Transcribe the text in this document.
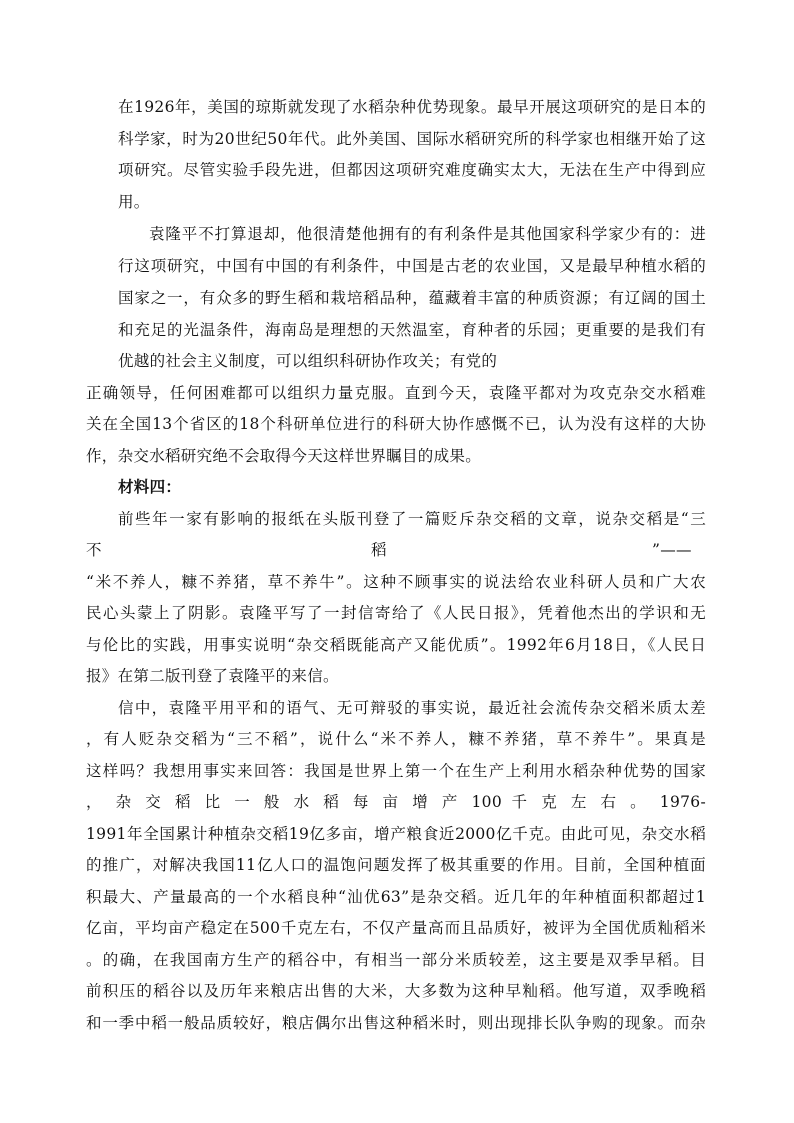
在1926年，美国的琼斯就发现了水稻杂种优势现象。最早开展这项研究的是日本的
科学家，时为20世纪50年代。此外美国、国际水稻研究所的科学家也相继开始了这
项研究。尽管实验手段先进，但都因这项研究难度确实太大，无法在生产中得到应
用。
袁隆平不打算退却，他很清楚他拥有的有利条件是其他国家科学家少有的：进
行这项研究，中国有中国的有利条件，中国是古老的农业国，又是最早种植水稻的
国家之一，有众多的野生稻和栽培稻品种，蕴藏着丰富的种质资源；有辽阔的国土
和充足的光温条件，海南岛是理想的天然温室，育种者的乐园；更重要的是我们有
优越的社会主义制度，可以组织科研协作攻关；有党的
正确领导，任何困难都可以组织力量克服。直到今天，袁隆平都对为攻克杂交水稻难
关在全国13个省区的18个科研单位进行的科研大协作感慨不已，认为没有这样的大协
作，杂交水稻研究绝不会取得今天这样世界瞩目的成果。
材料四：
前些年一家有影响的报纸在头版刊登了一篇贬斥杂交稻的文章，说杂交稻是“三
不	稻	”——
“米不养人，糠不养猪，草不养牛”。这种不顾事实的说法给农业科研人员和广大农
民心头蒙上了阴影。袁隆平写了一封信寄给了《人民日报》，凭着他杰出的学识和无
与伦比的实践，用事实说明“杂交稻既能高产又能优质”。1992年6月18日，《人民日
报》在第二版刊登了袁隆平的来信。
信中，袁隆平用平和的语气、无可辩驳的事实说，最近社会流传杂交稻米质太差
，有人贬杂交稻为“三不稻”，说什么“米不养人，糠不养猪，草不养牛”。果真是
这样吗？我想用事实来回答：我国是世界上第一个在生产上利用水稻杂种优势的国家
， 杂 交 稻 比 一 般 水 稻 每 亩 增 产 100 千 克 左 右 。 1976-
1991年全国累计种植杂交稻19亿多亩，增产粮食近2000亿千克。由此可见，杂交水稻
的推广，对解决我国11亿人口的温饱问题发挥了极其重要的作用。目前，全国种植面
积最大、产量最高的一个水稻良种“汕优63”是杂交稻。近几年的年种植面积都超过1
亿亩，平均亩产稳定在500千克左右，不仅产量高而且品质好，被评为全国优质籼稻米
。的确，在我国南方生产的稻谷中，有相当一部分米质较差，这主要是双季早稻。目
前积压的稻谷以及历年来粮店出售的大米，大多数为这种早籼稻。他写道，双季晚稻
和一季中稻一般品质较好，粮店偶尔出售这种稻米时，则出现排长队争购的现象。而杂
